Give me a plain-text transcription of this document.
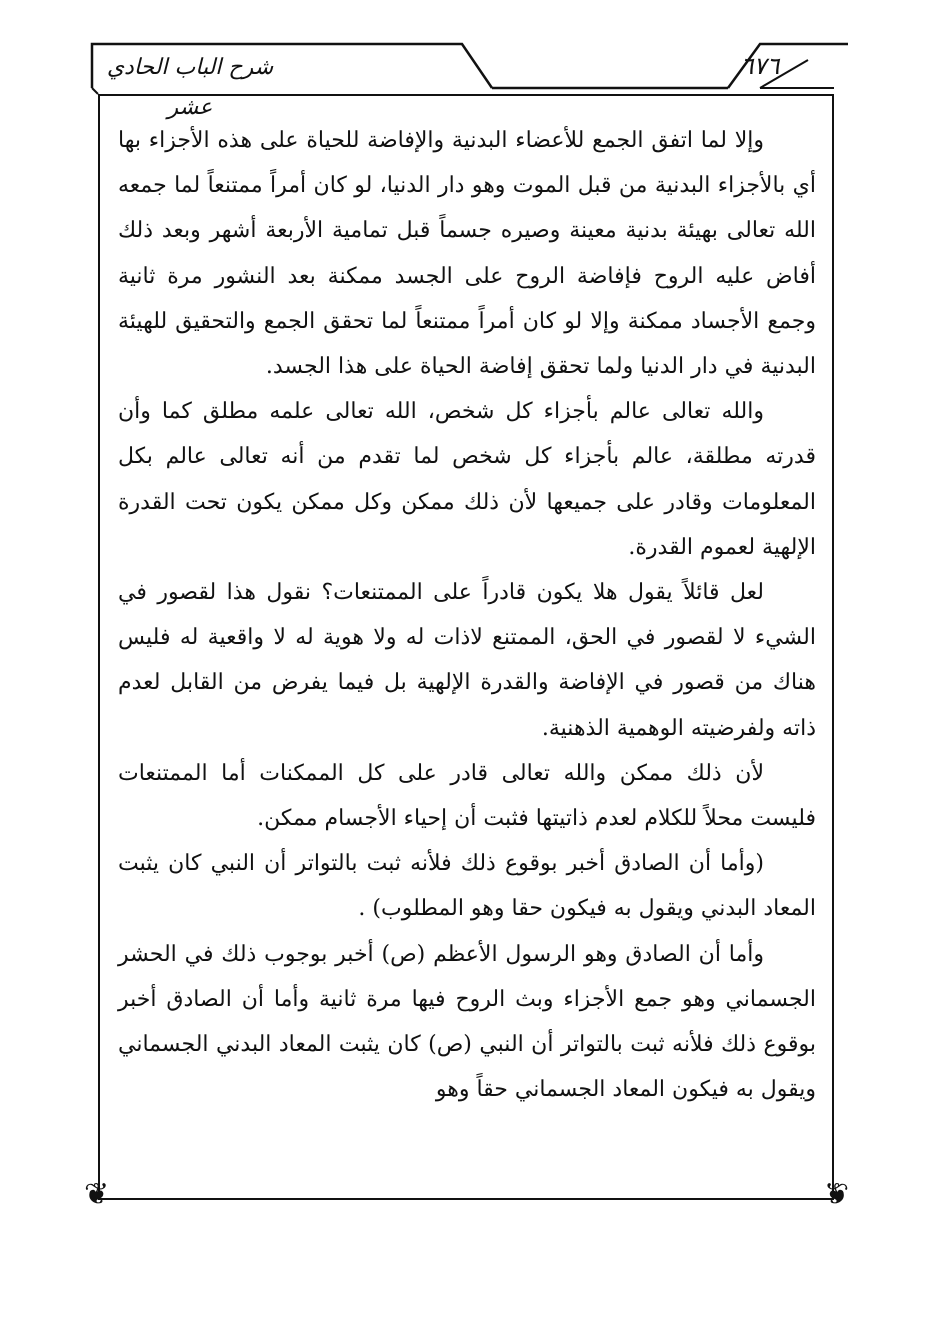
شرح الباب الحادي عشر
٦٧٦
❦	❦

وإلا لما اتفق الجمع للأعضاء البدنية والإفاضة للحياة على هذه الأجزاء بها أي بالأجزاء البدنية من قبل الموت وهو دار الدنيا، لو كان أمراً ممتنعاً لما جمعه الله تعالى بهيئة بدنية معينة وصيره جسماً قبل تمامية الأربعة أشهر وبعد ذلك أفاض عليه الروح فإفاضة الروح على الجسد ممكنة بعد النشور مرة ثانية وجمع الأجساد ممكنة وإلا لو كان أمراً ممتنعاً لما تحقق الجمع والتحقيق للهيئة البدنية في دار الدنيا ولما تحقق إفاضة الحياة على هذا الجسد.

والله تعالى عالم بأجزاء كل شخص، الله تعالى علمه مطلق كما وأن قدرته مطلقة، عالم بأجزاء كل شخص لما تقدم من أنه تعالى عالم بكل المعلومات وقادر على جميعها لأن ذلك ممكن وكل ممكن يكون تحت القدرة الإلهية لعموم القدرة.

لعل قائلاً يقول هلا يكون قادراً على الممتنعات؟ نقول هذا لقصور في الشيء لا لقصور في الحق، الممتنع لاذات له ولا هوية له لا واقعية له فليس هناك من قصور في الإفاضة والقدرة الإلهية بل فيما يفرض من القابل لعدم ذاته ولفرضيته الوهمية الذهنية.

لأن ذلك ممكن والله تعالى قادر على كل الممكنات أما الممتنعات فليست محلاً للكلام لعدم ذاتيتها فثبت أن إحياء الأجسام ممكن.

(وأما أن الصادق أخبر بوقوع ذلك فلأنه ثبت بالتواتر أن النبي كان يثبت المعاد البدني ويقول به فيكون حقا وهو المطلوب) .

وأما أن الصادق وهو الرسول الأعظم (ص) أخبر بوجوب ذلك في الحشر الجسماني وهو جمع الأجزاء وبث الروح فيها مرة ثانية وأما أن الصادق أخبر بوقوع ذلك فلأنه ثبت بالتواتر أن النبي (ص) كان يثبت المعاد البدني الجسماني ويقول به فيكون المعاد الجسماني حقاً وهو
